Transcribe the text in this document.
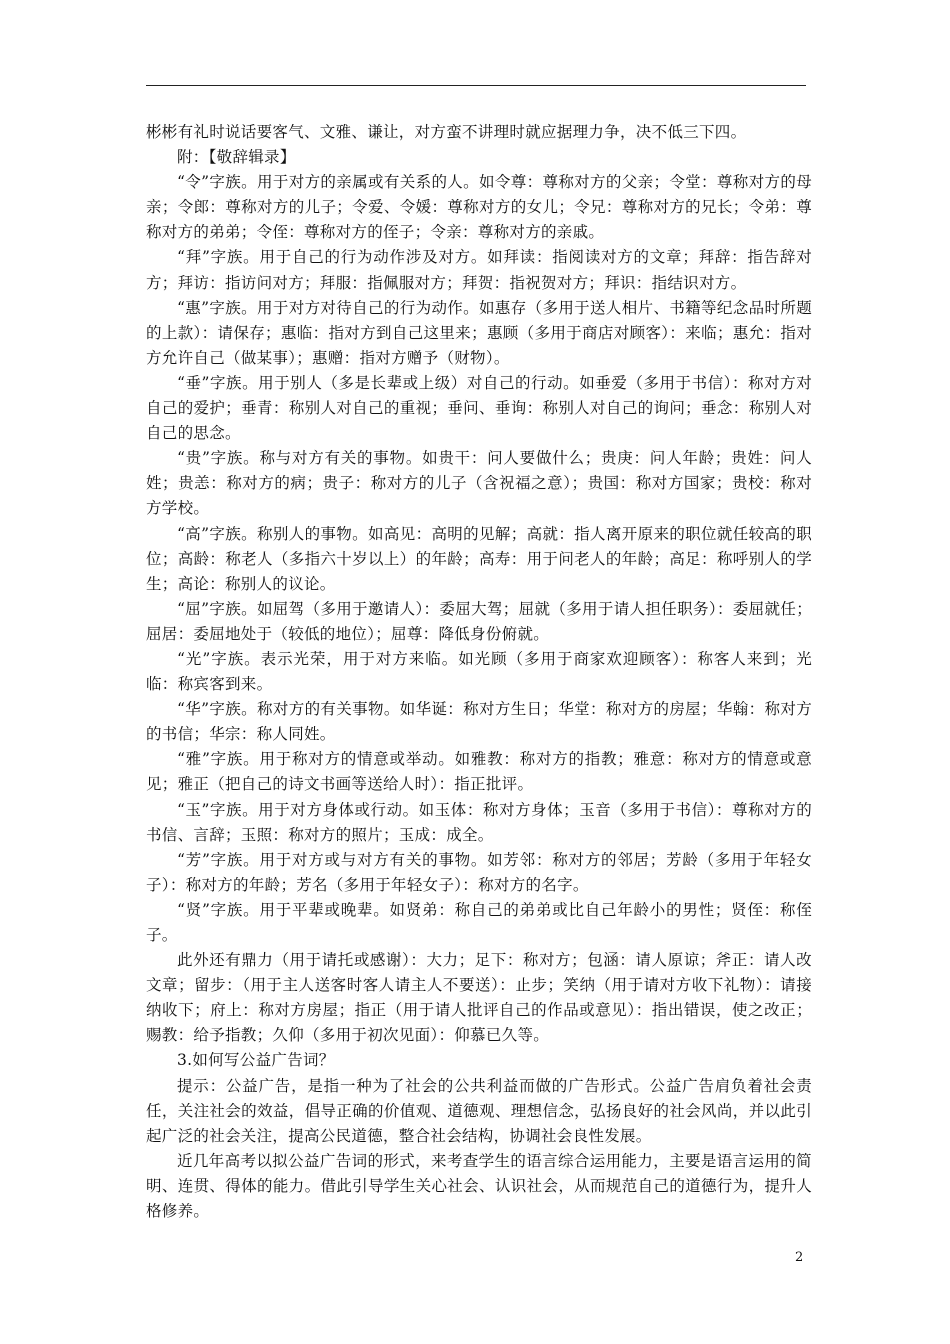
彬彬有礼时说话要客气、文雅、谦让，对方蛮不讲理时就应据理力争，决不低三下四。

附：【敬辞辑录】

“令”字族。用于对方的亲属或有关系的人。如令尊：尊称对方的父亲；令堂：尊称对方的母亲；令郎：尊称对方的儿子；令爱、令媛：尊称对方的女儿；令兄：尊称对方的兄长；令弟：尊称对方的弟弟；令侄：尊称对方的侄子；令亲：尊称对方的亲戚。

“拜”字族。用于自己的行为动作涉及对方。如拜读：指阅读对方的文章；拜辞：指告辞对方；拜访：指访问对方；拜服：指佩服对方；拜贺：指祝贺对方；拜识：指结识对方。

“惠”字族。用于对方对待自己的行为动作。如惠存（多用于送人相片、书籍等纪念品时所题的上款）：请保存；惠临：指对方到自己这里来；惠顾（多用于商店对顾客）：来临；惠允：指对方允许自己（做某事）；惠赠：指对方赠予（财物）。

“垂”字族。用于别人（多是长辈或上级）对自己的行动。如垂爱（多用于书信）：称对方对自己的爱护；垂青：称别人对自己的重视；垂问、垂询：称别人对自己的询问；垂念：称别人对自己的思念。

“贵”字族。称与对方有关的事物。如贵干：问人要做什么；贵庚：问人年龄；贵姓：问人姓；贵恙：称对方的病；贵子：称对方的儿子（含祝福之意）；贵国：称对方国家；贵校：称对方学校。

“高”字族。称别人的事物。如高见：高明的见解；高就：指人离开原来的职位就任较高的职位；高龄：称老人（多指六十岁以上）的年龄；高寿：用于问老人的年龄；高足：称呼别人的学生；高论：称别人的议论。

“屈”字族。如屈驾（多用于邀请人）：委屈大驾；屈就（多用于请人担任职务）：委屈就任；屈居：委屈地处于（较低的地位）；屈尊：降低身份俯就。

“光”字族。表示光荣，用于对方来临。如光顾（多用于商家欢迎顾客）：称客人来到；光临：称宾客到来。

“华”字族。称对方的有关事物。如华诞：称对方生日；华堂：称对方的房屋；华翰：称对方的书信；华宗：称人同姓。

“雅”字族。用于称对方的情意或举动。如雅教：称对方的指教；雅意：称对方的情意或意见；雅正（把自己的诗文书画等送给人时）：指正批评。

“玉”字族。用于对方身体或行动。如玉体：称对方身体；玉音（多用于书信）：尊称对方的书信、言辞；玉照：称对方的照片；玉成：成全。

“芳”字族。用于对方或与对方有关的事物。如芳邻：称对方的邻居；芳龄（多用于年轻女子）：称对方的年龄；芳名（多用于年轻女子）：称对方的名字。

“贤”字族。用于平辈或晚辈。如贤弟：称自己的弟弟或比自己年龄小的男性；贤侄：称侄子。

此外还有鼎力（用于请托或感谢）：大力；足下：称对方；包涵：请人原谅；斧正：请人改文章；留步：（用于主人送客时客人请主人不要送）：止步；笑纳（用于请对方收下礼物）：请接纳收下；府上：称对方房屋；指正（用于请人批评自己的作品或意见）：指出错误，使之改正；赐教：给予指教；久仰（多用于初次见面）：仰慕已久等。

3.如何写公益广告词？

提示：公益广告，是指一种为了社会的公共利益而做的广告形式。公益广告肩负着社会责任，关注社会的效益，倡导正确的价值观、道德观、理想信念，弘扬良好的社会风尚，并以此引起广泛的社会关注，提高公民道德，整合社会结构，协调社会良性发展。

近几年高考以拟公益广告词的形式，来考查学生的语言综合运用能力，主要是语言运用的简明、连贯、得体的能力。借此引导学生关心社会、认识社会，从而规范自己的道德行为，提升人格修养。

2
